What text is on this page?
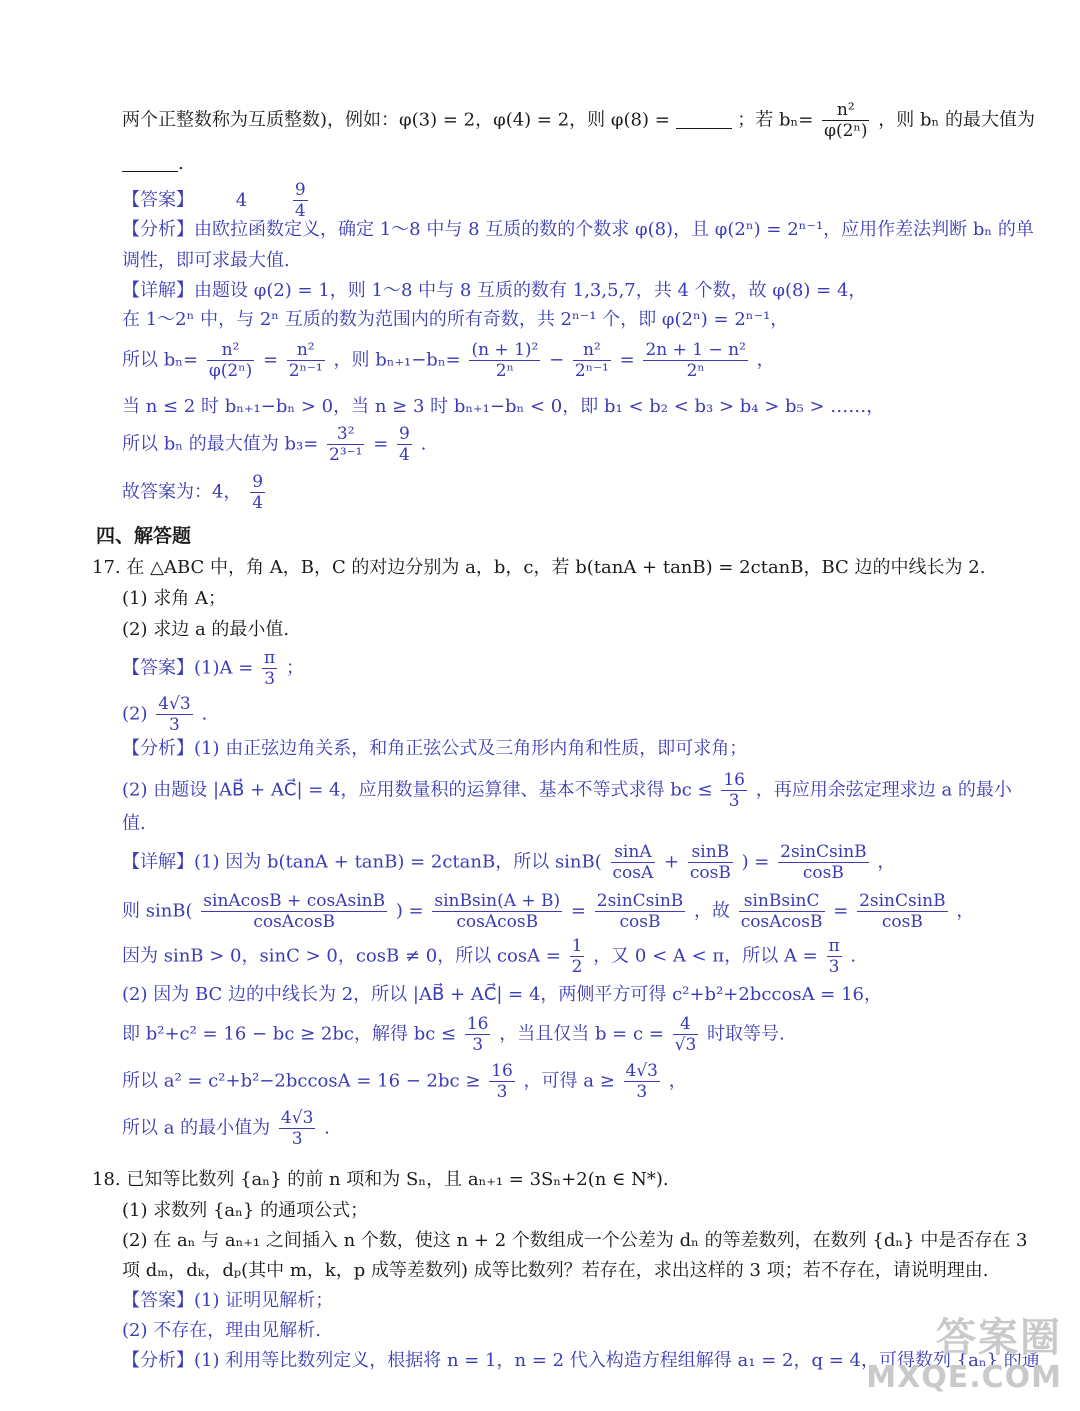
两个正整数称为互质整数)，例如：φ(3) = 2，φ(4) = 2，则 φ(8) =	；若 $b_n= \frac{\text{n²}}{\text{φ(2ⁿ)}}$ ，则 bₙ 的最大值为
.
【答案】 4	$\frac{9}{4}$
【分析】由欧拉函数定义，确定 1～8 中与 8 互质的数的个数求 φ(8)，且 φ(2ⁿ) = 2ⁿ⁻¹，应用作差法判断 bₙ 的单
调性，即可求最大值.
【详解】由题设 φ(2) = 1，则 1～8 中与 8 互质的数有 1,3,5,7，共 4 个数，故 φ(8) = 4，
在 1～2ⁿ 中，与 2ⁿ 互质的数为范围内的所有奇数，共 2ⁿ⁻¹ 个，即 φ(2ⁿ) = 2ⁿ⁻¹，
所以 $b_n= \frac{\text{n²}}{\text{φ(2ⁿ)}} = \frac{\text{n²}}{\text{2ⁿ⁻¹}}$ ，则 $b_{n+1}-b_n= \frac{\text{(n + 1)²}}{\text{2ⁿ}} - \frac{\text{n²}}{\text{2ⁿ⁻¹}} = \frac{\text{2n + 1 − n²}}{\text{2ⁿ}}$ ，
当 n ≤ 2 时 bₙ₊₁−bₙ > 0，当 n ≥ 3 时 bₙ₊₁−bₙ < 0，即 b₁ < b₂ < b₃ > b₄ > b₅ > ……，
所以 bₙ 的最大值为 $b_3= \frac{\text{3²}}{\text{2³⁻¹}} = \frac{9}{4}$ .
故答案为：4， $\frac{9}{4}$
四、解答题
17. 在 △ABC 中，角 A，B，C 的对边分别为 a，b，c，若 b(tanA + tanB) = 2ctanB，BC 边的中线长为 2.
(1) 求角 A；
(2) 求边 a 的最小值.
【答案】$(1)A = \frac{\pi}{3}$ ；
$(2) \frac{4√3}{3}$ .
【分析】(1) 由正弦边角关系，和角正弦公式及三角形内角和性质，即可求角；
(2) 由题设 |AB⃗ + AC⃗| = 4，应用数量积的运算律、基本不等式求得 bc ≤ $\frac{16}{3}$ ，再应用余弦定理求边 a 的最小
值.
【详解】(1) 因为 b(tanA + tanB) = 2ctanB，所以 $\sin B( \frac{\sin A}{\cos A} + \frac{\sin B}{\cos B}$ ) = $\frac{\text{2sinCsinB}}{\cos B}$ ，
则 $\sin B( \frac{\text{sinAcosB + cosAsinB}}{\text{cosAcosB}}$ ) = $\frac{\text{sinBsin(A + B)}}{\text{cosAcosB}} = \frac{\text{2sinCsinB}}{\cos B}$ ，故 $\frac{\text{sinBsinC}}{\text{cosAcosB}} = \frac{\text{2sinCsinB}}{\cos B}$ ，
因为 sinB > 0，sinC > 0，cosB ≠ 0，所以 $\cos A = \frac{1}{2}$ ，又 0 < A < π，所以 $A = \frac{\pi}{3}$ .
(2) 因为 BC 边的中线长为 2，所以 |AB⃗ + AC⃗| = 4，两侧平方可得 c²+b²+2bccosA = 16，
即 b²+c² = 16 − bc ≥ 2bc，解得 bc ≤ $\frac{16}{3}$ ，当且仅当 $b = c = \frac{4}{√3}$ 时取等号.
所以 $a^2 = c^2+b^2-2bccosA = 16 - 2bc \ge \frac{16}{3}$ ，可得 $a \ge \frac{4√3}{3}$ ，
所以 a 的最小值为 $\frac{4√3}{3}$ .
18. 已知等比数列 {aₙ} 的前 n 项和为 Sₙ，且 aₙ₊₁ = 3Sₙ+2(n ∈ N*).
(1) 求数列 {aₙ} 的通项公式；
(2) 在 aₙ 与 aₙ₊₁ 之间插入 n 个数，使这 n + 2 个数组成一个公差为 dₙ 的等差数列，在数列 {dₙ} 中是否存在 3
项 dₘ，dₖ，dₚ(其中 m，k，p 成等差数列) 成等比数列？若存在，求出这样的 3 项；若不存在，请说明理由.
【答案】(1) 证明见解析；
(2) 不存在，理由见解析.
【分析】(1) 利用等比数列定义，根据将 n = 1，n = 2 代入构造方程组解得 a₁ = 2，q = 4，可得数列 {aₙ} 的通
答案圈
MXQE.COM
